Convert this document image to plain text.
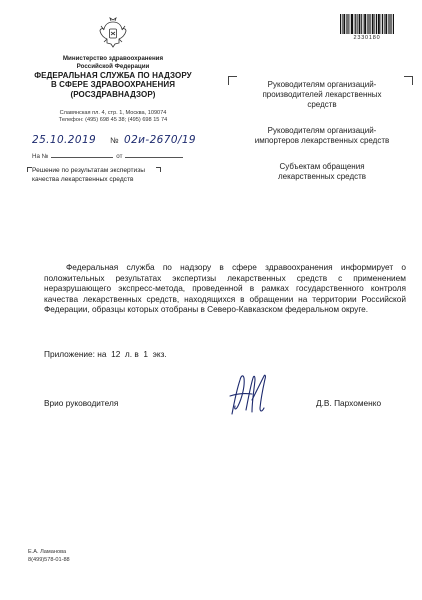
Министерство здравоохранения
Российской Федерации
ФЕДЕРАЛЬНАЯ СЛУЖБА ПО НАДЗОРУ
В СФЕРЕ ЗДРАВООХРАНЕНИЯ
(РОСЗДРАВНАДЗОР)
Славянская пл. 4, стр. 1, Москва, 109074
Телефон: (495) 698 45 38; (495) 698 15 74
25.10.2019 № 02и-2670/19
На №	от
Решение по результатам экспертизы
качества лекарственных средств
2330180
Руководителям организаций-
производителей лекарственных
средств
Руководителям организаций-
импортеров лекарственных средств
Субъектам обращения
лекарственных средств
Федеральная служба по надзору в сфере здравоохранения информирует о положительных результатах экспертизы лекарственных средств с применением неразрушающего экспресс-метода, проведенной в рамках государственного контроля качества лекарственных средств, находящихся в обращении на территории Российской Федерации, образцы которых отобраны в Северо-Кавказском федеральном округе.
Приложение: на  12  л. в  1  экз.
Врио руководителя	Д.В. Пархоменко
Е.А. Ламанова
8(499)578-01-88
